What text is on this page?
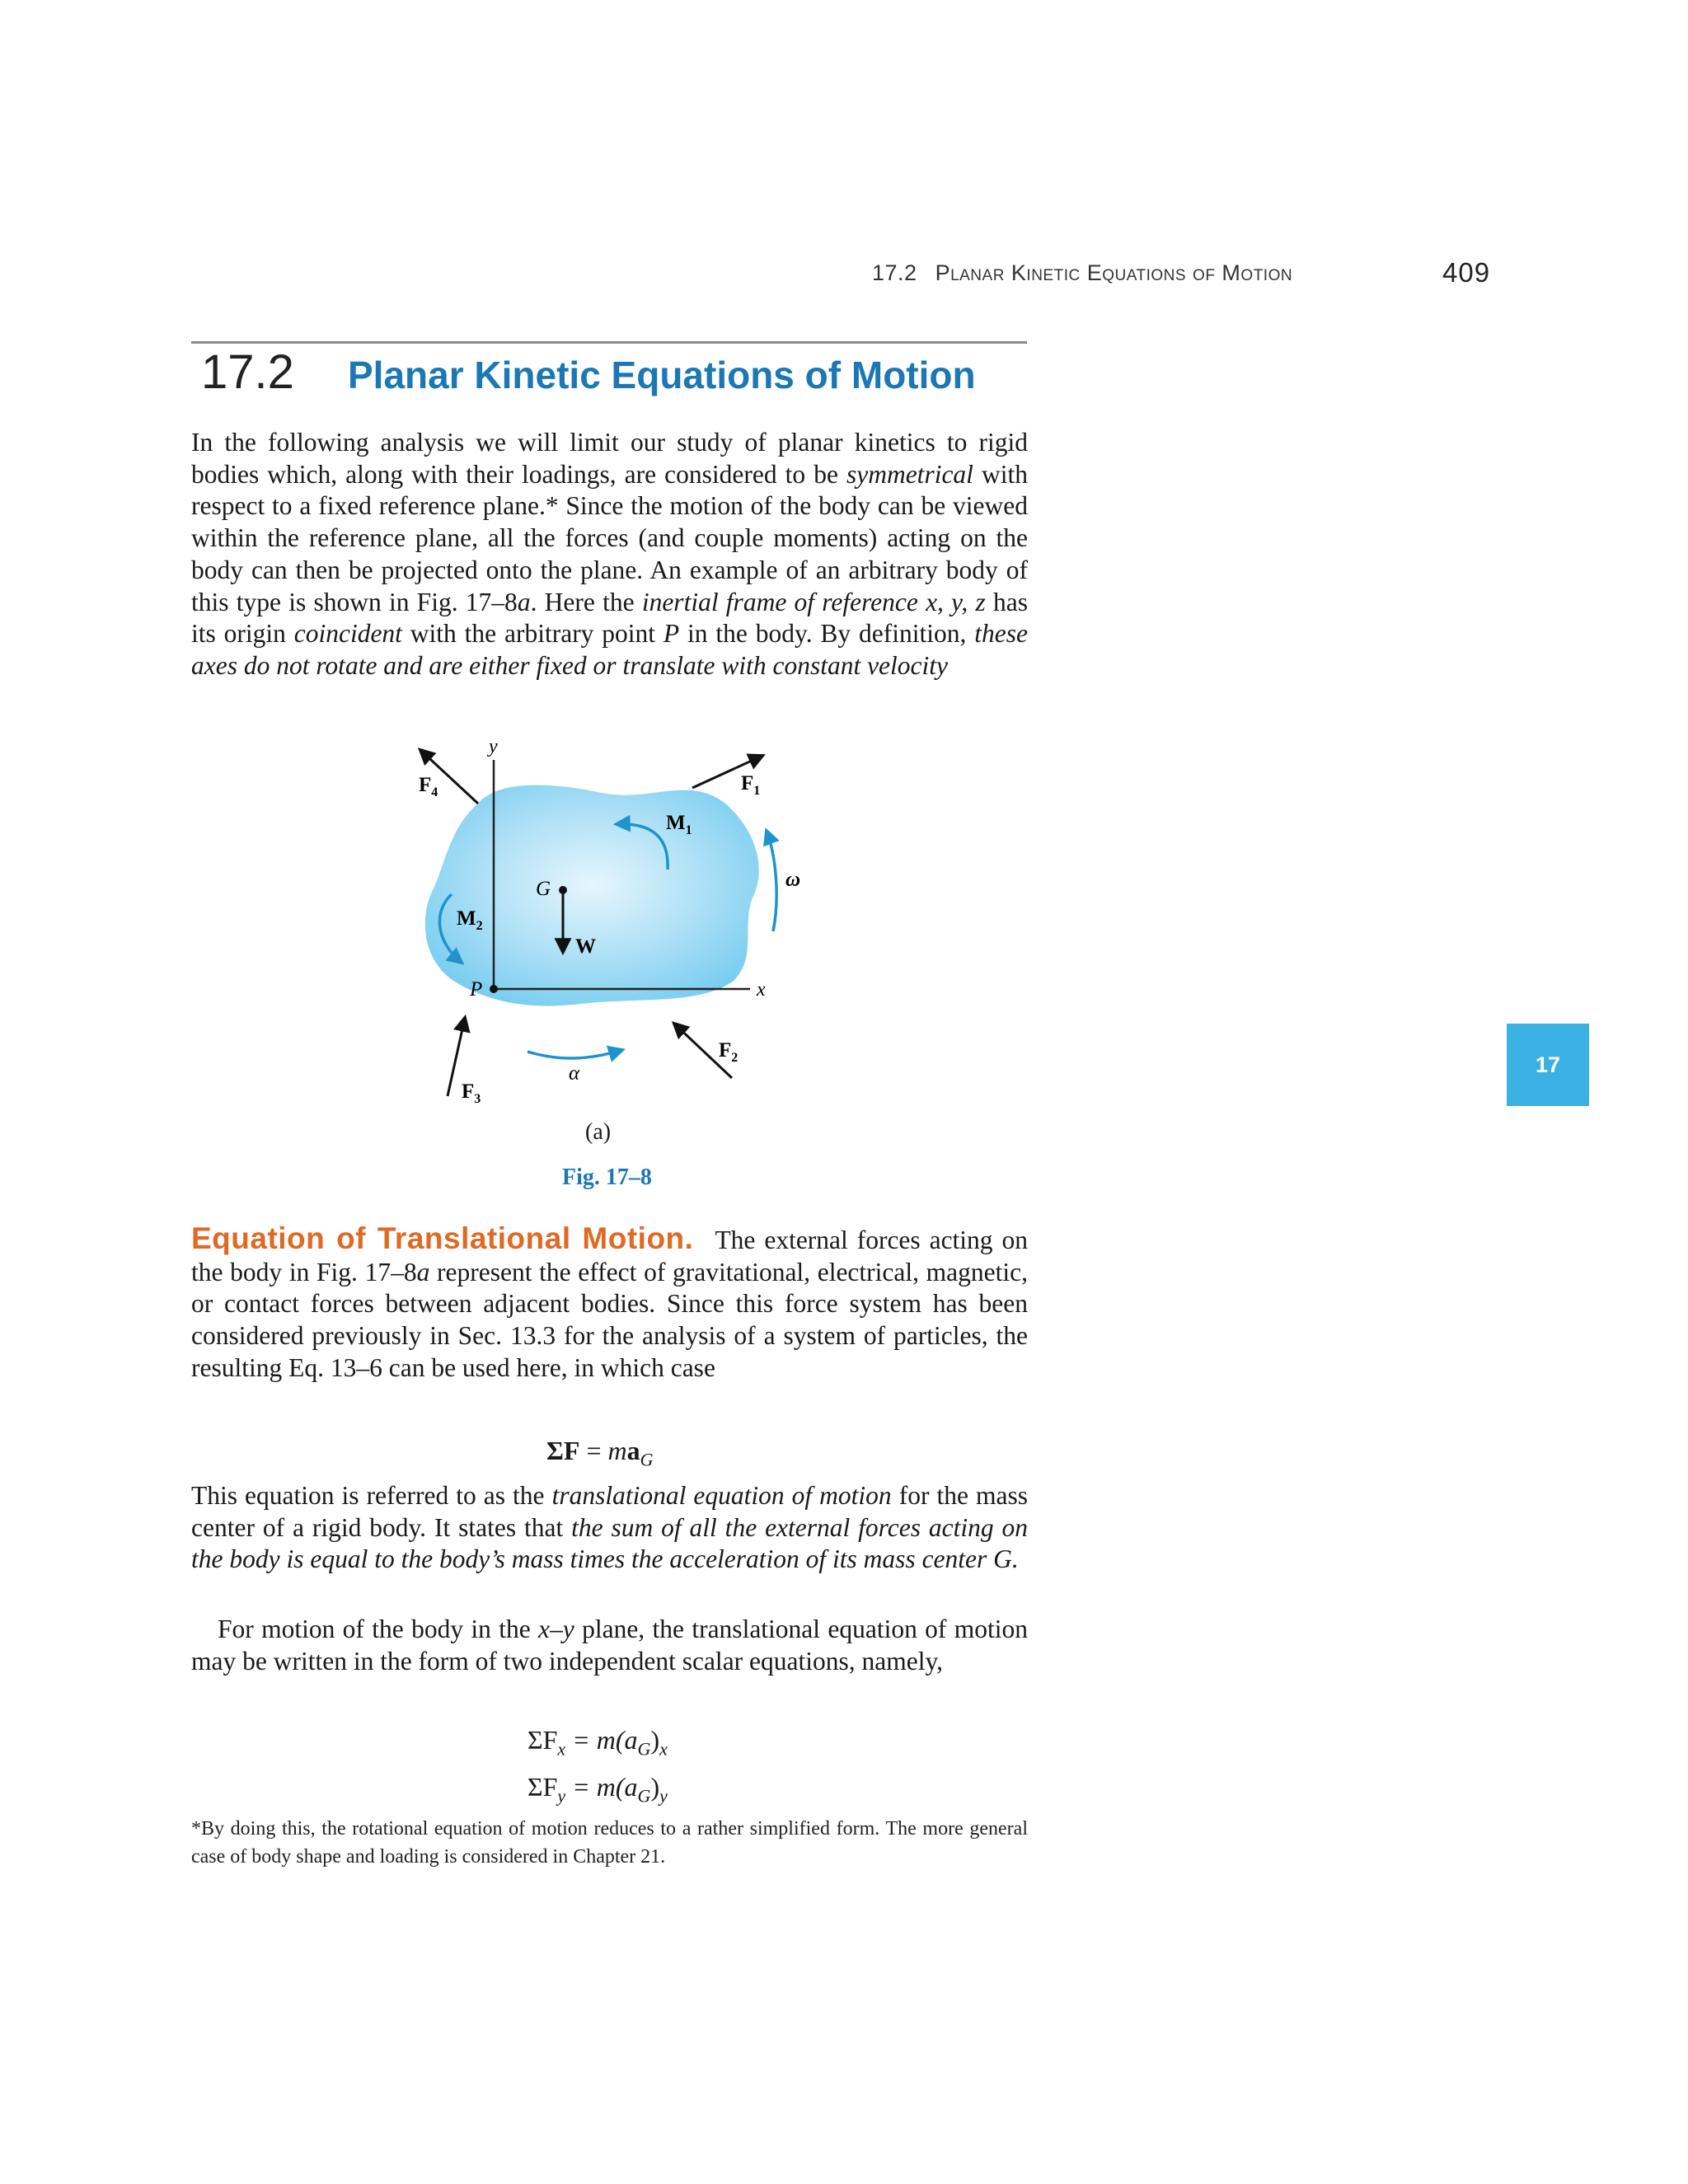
17.2 Planar Kinetic Equations of Motion	409
17
17.2 Planar Kinetic Equations of Motion
In the following analysis we will limit our study of planar kinetics to rigid bodies which, along with their loadings, are considered to be symmetrical with respect to a fixed reference plane.* Since the motion of the body can be viewed within the reference plane, all the forces (and couple moments) acting on the body can then be projected onto the plane. An example of an arbitrary body of this type is shown in Fig. 17–8a. Here the inertial frame of reference x, y, z has its origin coincident with the arbitrary point P in the body. By definition, these axes do not rotate and are either fixed or translate with constant velocity
y
x
$F_4$	$F_1$
$F_2$
$F_3$
$M_1$
$M_2$
G
W
P
ω
α
(a)
Fig. 17–8
Equation of Translational Motion. The external forces acting on the body in Fig. 17–8a represent the effect of gravitational, electrical, magnetic, or contact forces between adjacent bodies. Since this force system has been considered previously in Sec. 13.3 for the analysis of a system of particles, the resulting Eq. 13–6 can be used here, in which case
$\Sigma F = ma_G$
This equation is referred to as the translational equation of motion for the mass center of a rigid body. It states that the sum of all the external forces acting on the body is equal to the body’s mass times the acceleration of its mass center G.
For motion of the body in the x–y plane, the translational equation of motion may be written in the form of two independent scalar equations, namely,
$\Sigma F_x = m(a_G)_x$
$\Sigma F_y = m(a_G)_y$
*By doing this, the rotational equation of motion reduces to a rather simplified form. The more general case of body shape and loading is considered in Chapter 21.
